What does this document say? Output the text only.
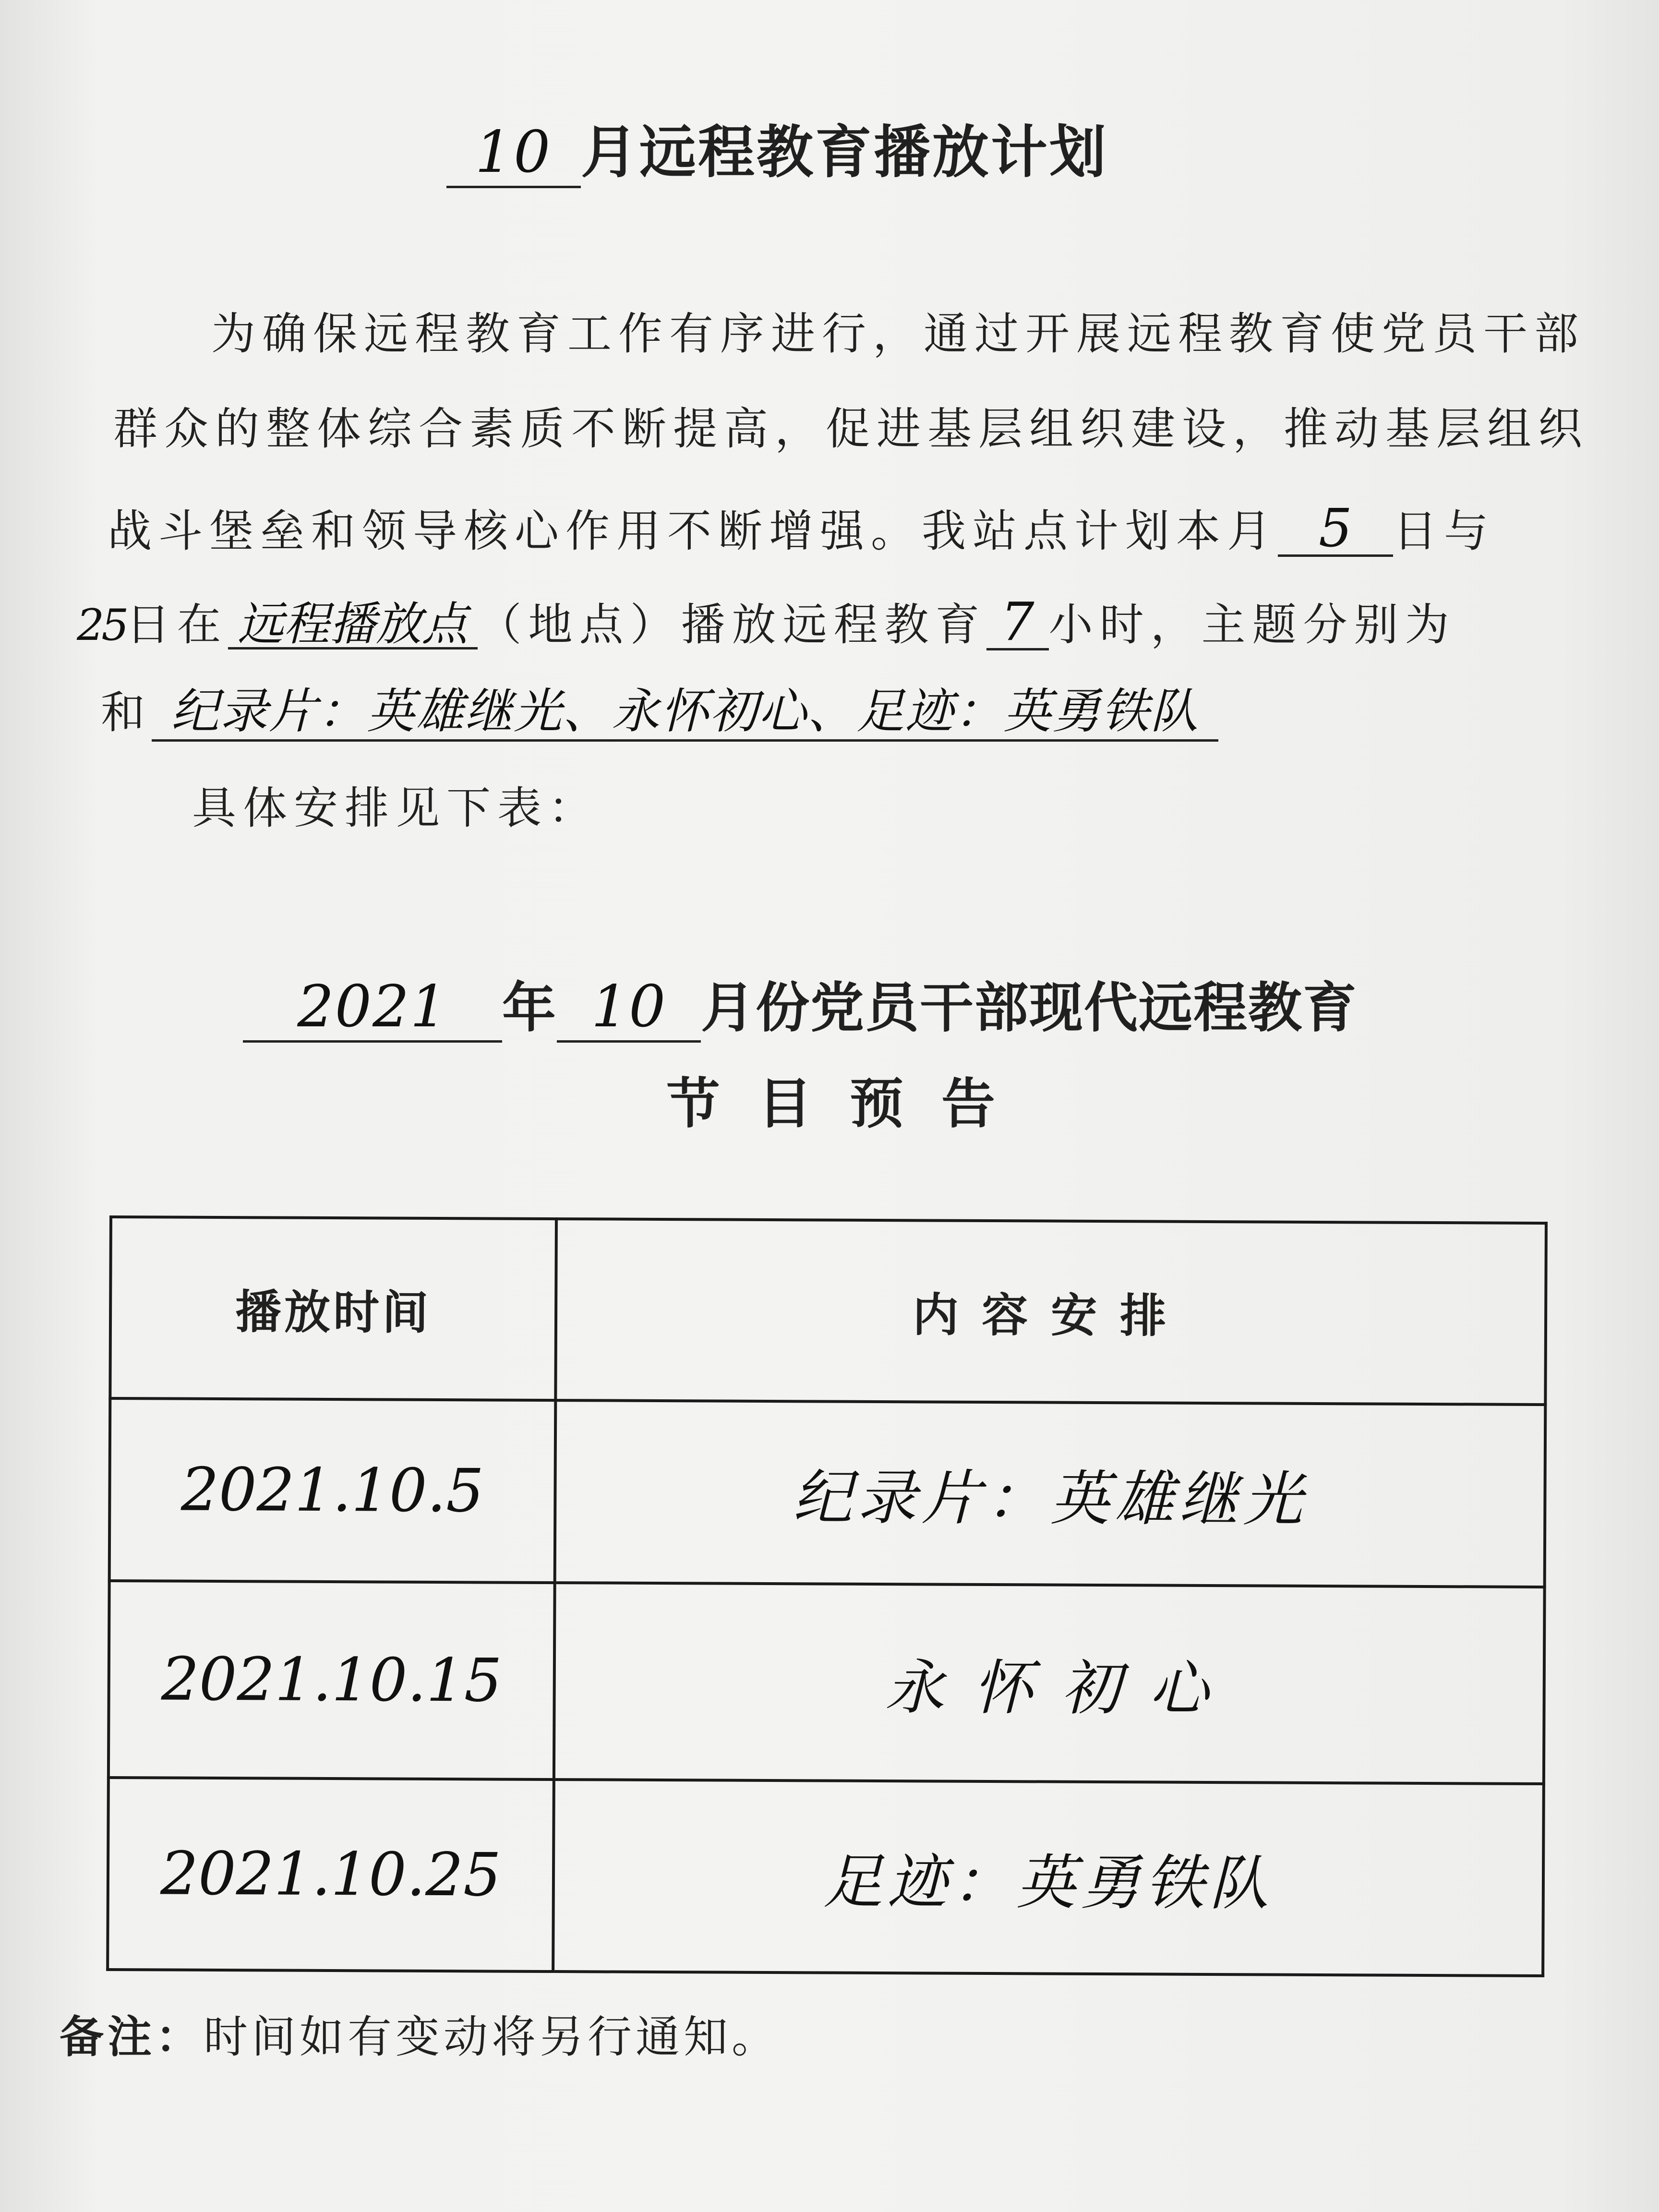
10 月远程教育播放计划
为确保远程教育工作有序进行，通过开展远程教育使党员干部
群众的整体综合素质不断提高，促进基层组织建设，推动基层组织
战斗堡垒和领导核心作用不断增强。我站点计划本月 5 日与
25日在 远程播放点 （地点）播放远程教育 7 小时，主题分别为
和 纪录片：英雄继光、永怀初心、足迹：英勇铁队
具体安排见下表：
2021 年 10 月份党员干部现代远程教育
节 目 预 告
播放时间	内容安排
2021.10.5	纪录片：英雄继光
2021.10.15	永 怀 初 心
2021.10.25	足迹：英勇铁队
备注：时间如有变动将另行通知。
